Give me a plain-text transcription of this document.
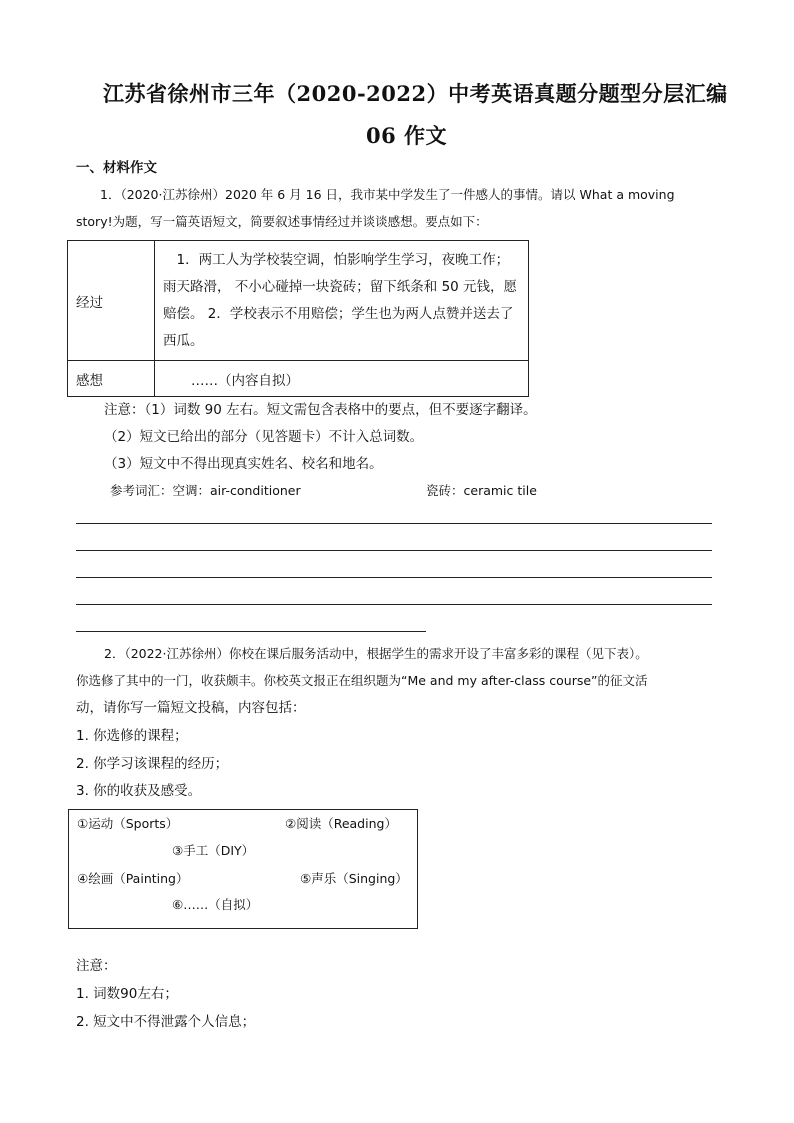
江苏省徐州市三年（2020-2022）中考英语真题分题型分层汇编
06 作文
一、材料作文
1．（2020·江苏徐州）2020 年 6 月 16 日，我市某中学发生了一件感人的事情。请以 What a moving
story!为题，写一篇英语短文，简要叙述事情经过并谈谈感想。要点如下：
经过	　1．两工人为学校装空调，怕影响学生学习，夜晚工作；
雨天路滑， 不小心碰掉一块瓷砖；留下纸条和 50 元钱，愿
赔偿。 2．学校表示不用赔偿；学生也为两人点赞并送去了
西瓜。

感想	……（内容自拟）
注意：（1）词数 90 左右。短文需包含表格中的要点，但不要逐字翻译。
（2）短文已给出的部分（见答题卡）不计入总词数。
（3）短文中不得出现真实姓名、校名和地名。
参考词汇：空调：air-conditioner	瓷砖：ceramic tile
2．（2022·江苏徐州）你校在课后服务活动中，根据学生的需求开设了丰富多彩的课程（见下表）。
你选修了其中的一门，收获颇丰。你校英文报正在组织题为“Me and my after-class course”的征文活
动，请你写一篇短文投稿，内容包括：
1. 你选修的课程；
2. 你学习该课程的经历；
3. 你的收获及感受。
①运动（Sports）	②阅读（Reading）
③手工（DIY）
④绘画（Painting）	⑤声乐（Singing）
⑥……（自拟）
注意：
1. 词数90左右；
2. 短文中不得泄露个人信息；
